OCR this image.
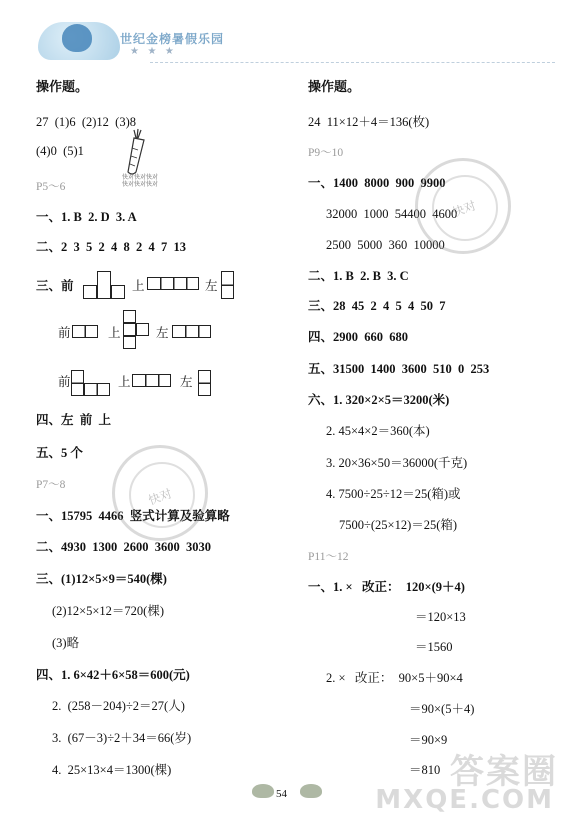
世纪金榜暑假乐园
★ ★ ★
操作题。
27  (1)6  (2)12  (3)8
(4)0  (5)1
快对快对快对
快对快对快对
P5～6
一、1. B  2. D  3. A
二、2  3  5  2  4  8  2  4  7  13
三、前	上	左
前	上	左
前	上	左
四、左  前  上
五、5 个
P7～8
一、15795  4466  竖式计算及验算略
二、4930  1300  2600  3600  3030
三、(1)12×5×9＝540(棵)
(2)12×5×12＝720(棵)
(3)略
四、1. 6×42＋6×58＝600(元)
2.  (258－204)÷2＝27(人)
3.  (67－3)÷2＋34＝66(岁)
4.  25×13×4＝1300(棵)
操作题。
24  11×12＋4＝136(枚)
P9～10
一、1400  8000  900  9900
32000  1000  54400  4600
2500  5000  360  10000
二、1. B  2. B  3. C
三、28  45  2  4  5  4  50  7
四、2900  660  680
五、31500  1400  3600  510  0  253
六、1. 320×2×5＝3200(米)
2. 45×4×2＝360(本)
3. 20×36×50＝36000(千克)
4. 7500÷25÷12＝25(箱)或
7500÷(25×12)＝25(箱)
P11～12
一、1. ×   改正：  120×(9＋4)
＝120×13
＝1560
2. ×   改正：  90×5＋90×4
＝90×(5＋4)
＝90×9
＝810
快对
快对
答案圈
MXQE.COM
54
